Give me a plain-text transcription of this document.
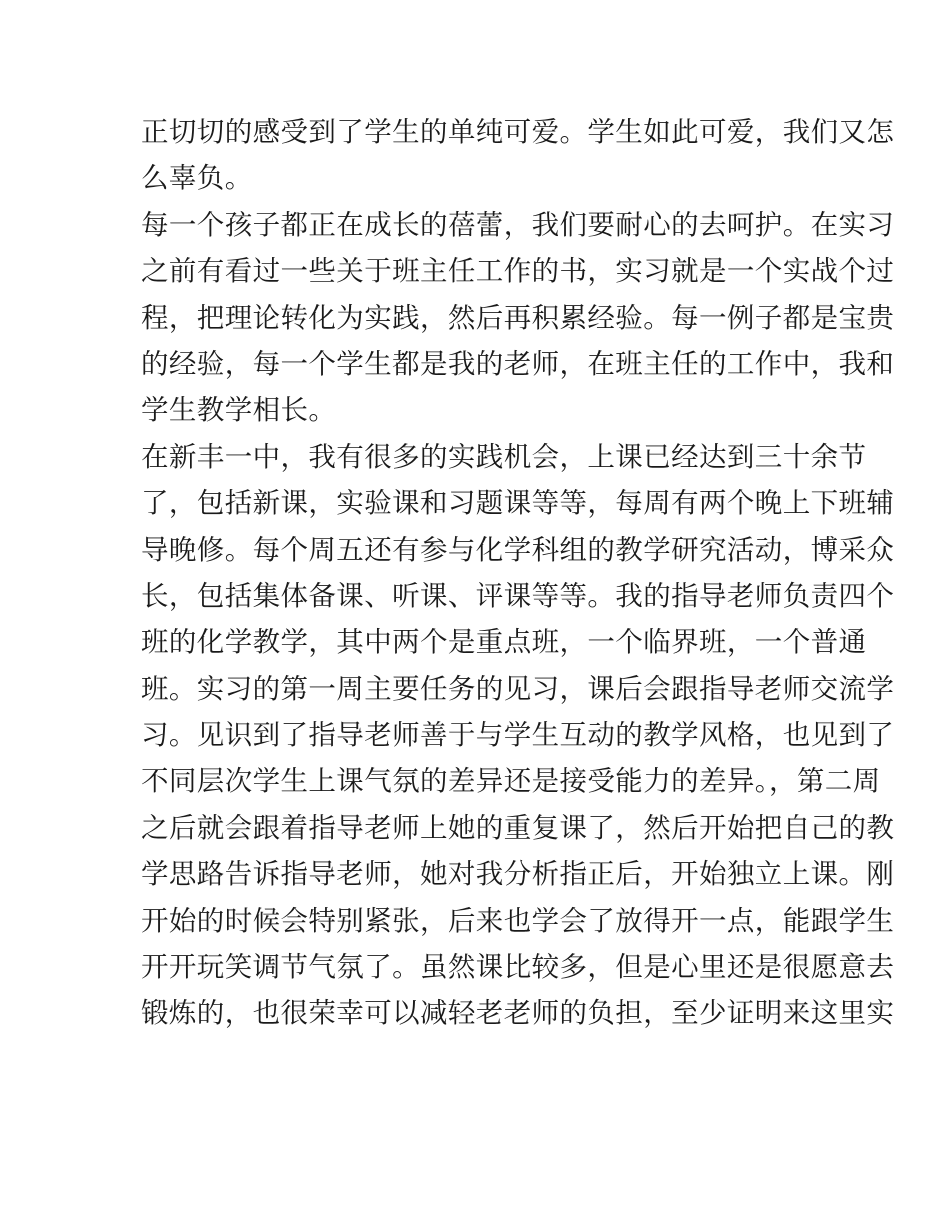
正切切的感受到了学生的单纯可爱。学生如此可爱，我们又怎
么辜负。
每一个孩子都正在成长的蓓蕾，我们要耐心的去呵护。在实习
之前有看过一些关于班主任工作的书，实习就是一个实战个过
程，把理论转化为实践，然后再积累经验。每一例子都是宝贵
的经验，每一个学生都是我的老师，在班主任的工作中，我和
学生教学相长。
在新丰一中，我有很多的实践机会，上课已经达到三十余节
了，包括新课，实验课和习题课等等，每周有两个晚上下班辅
导晚修。每个周五还有参与化学科组的教学研究活动，博采众
长，包括集体备课、听课、评课等等。我的指导老师负责四个
班的化学教学，其中两个是重点班，一个临界班，一个普通
班。实习的第一周主要任务的见习，课后会跟指导老师交流学
习。见识到了指导老师善于与学生互动的教学风格，也见到了
不同层次学生上课气氛的差异还是接受能力的差异。，第二周
之后就会跟着指导老师上她的重复课了，然后开始把自己的教
学思路告诉指导老师，她对我分析指正后，开始独立上课。刚
开始的时候会特别紧张，后来也学会了放得开一点，能跟学生
开开玩笑调节气氛了。虽然课比较多，但是心里还是很愿意去
锻炼的，也很荣幸可以减轻老老师的负担，至少证明来这里实
